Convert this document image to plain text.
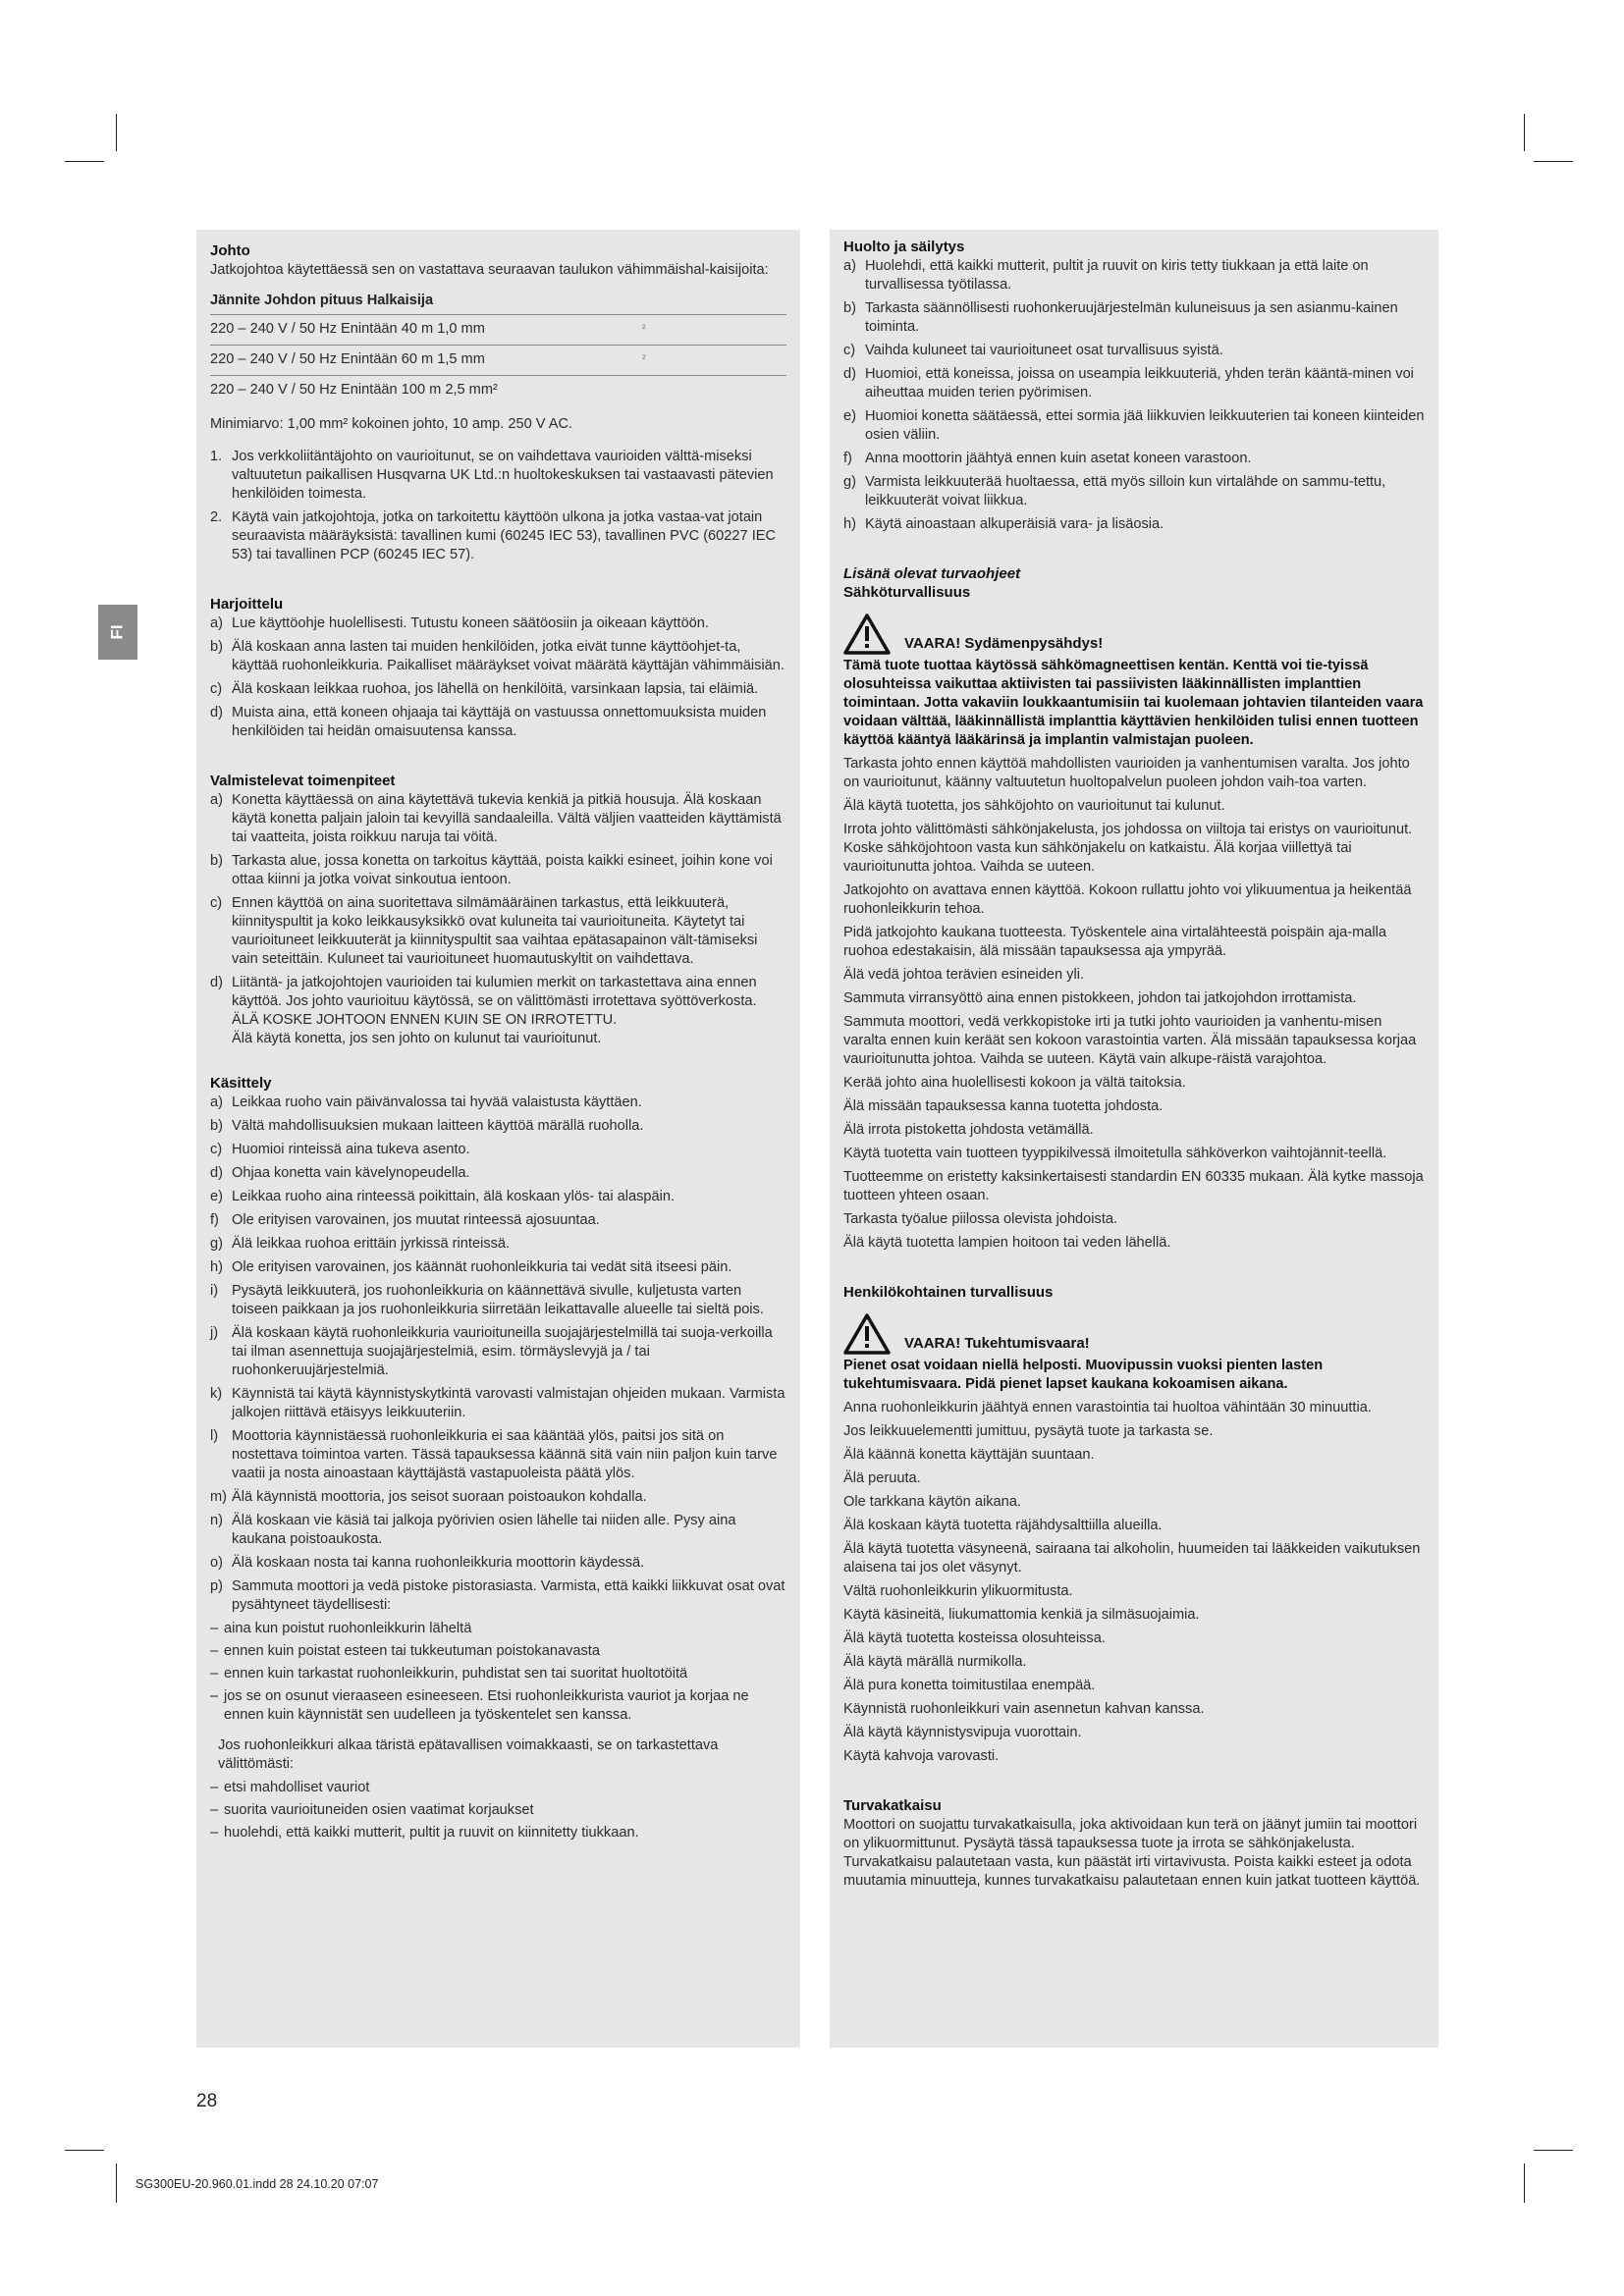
FI
Johto

Jatkojohtoa käytettäessä sen on vastattava seuraavan taulukon vähimmäishal-kaisijoita:

Jännite Johdon pituus Halkaisija
220 – 240 V / 50 Hz Enintään 40 m 1,0 mm	²
220 – 240 V / 50 Hz Enintään 60 m 1,5 mm	²
220 – 240 V / 50 Hz Enintään 100 m 2,5 mm²

Minimiarvo: 1,00 mm² kokoinen johto, 10 amp. 250 V AC.

1. Jos verkkoliitäntäjohto on vaurioitunut, se on vaihdettava vaurioiden välttä-miseksi valtuutetun paikallisen Husqvarna UK Ltd.:n huoltokeskuksen tai vastaavasti pätevien henkilöiden toimesta.
2. Käytä vain jatkojohtoja, jotka on tarkoitettu käyttöön ulkona ja jotka vastaa-vat jotain seuraavista määräyksistä: tavallinen kumi (60245 IEC 53), tavallinen PVC (60227 IEC 53) tai tavallinen PCP (60245 IEC 57).
Harjoittelu
a) Lue käyttöohje huolellisesti. Tutustu koneen säätöosiin ja oikeaan käyttöön.
b) Älä koskaan anna lasten tai muiden henkilöiden, jotka eivät tunne käyttöohjet-ta, käyttää ruohonleikkuria. Paikalliset määräykset voivat määrätä käyttäjän vähimmäisiän.
c) Älä koskaan leikkaa ruohoa, jos lähellä on henkilöitä, varsinkaan lapsia, tai eläimiä.
d) Muista aina, että koneen ohjaaja tai käyttäjä on vastuussa onnettomuuksista muiden henkilöiden tai heidän omaisuutensa kanssa.
Valmistelevat toimenpiteet
a) Konetta käyttäessä on aina käytettävä tukevia kenkiä ja pitkiä housuja. Älä koskaan käytä konetta paljain jaloin tai kevyillä sandaaleilla. Vältä väljien vaatteiden käyttämistä tai vaatteita, joista roikkuu naruja tai vöitä.
b) Tarkasta alue, jossa konetta on tarkoitus käyttää, poista kaikki esineet, joihin kone voi ottaa kiinni ja jotka voivat sinkoutua ientoon.
c) Ennen käyttöä on aina suoritettava silmämääräinen tarkastus, että leikkuuterä, kiinnityspultit ja koko leikkausyksikkö ovat kuluneita tai vaurioituneita. Käytetyt tai vaurioituneet leikkuuterät ja kiinnityspultit saa vaihtaa epätasapainon vält-tämiseksi vain seteittäin. Kuluneet tai vaurioituneet huomautuskyltit on vaihdettava.
d) Liitäntä- ja jatkojohtojen vaurioiden tai kulumien merkit on tarkastettava aina ennen käyttöä. Jos johto vaurioituu käytössä, se on välittömästi irrotettava syöttöverkosta.

ÄLÄ KOSKE JOHTOON ENNEN KUIN SE ON IRROTETTU.

Älä käytä konetta, jos sen johto on kulunut tai vaurioitunut.

Käsittely
a) Leikkaa ruoho vain päivänvalossa tai hyvää valaistusta käyttäen.
b) Vältä mahdollisuuksien mukaan laitteen käyttöä märällä ruoholla.
c) Huomioi rinteissä aina tukeva asento.
d) Ohjaa konetta vain kävelynopeudella.
e) Leikkaa ruoho aina rinteessä poikittain, älä koskaan ylös- tai alaspäin.
f) Ole erityisen varovainen, jos muutat rinteessä ajosuuntaa.
g) Älä leikkaa ruohoa erittäin jyrkissä rinteissä.
h) Ole erityisen varovainen, jos käännät ruohonleikkuria tai vedät sitä itseesi päin.
i) Pysäytä leikkuuterä, jos ruohonleikkuria on käännettävä sivulle, kuljetusta varten toiseen paikkaan ja jos ruohonleikkuria siirretään leikattavalle alueelle tai sieltä pois.
j) Älä koskaan käytä ruohonleikkuria vaurioituneilla suojajärjestelmillä tai suoja-verkoilla tai ilman asennettuja suojajärjestelmiä, esim. törmäyslevyjä ja / tai ruohonkeruujärjestelmiä.
k) Käynnistä tai käytä käynnistyskytkintä varovasti valmistajan ohjeiden mukaan. Varmista jalkojen riittävä etäisyys leikkuuteriin.
l) Moottoria käynnistäessä ruohonleikkuria ei saa kääntää ylös, paitsi jos sitä on nostettava toimintoa varten. Tässä tapauksessa käännä sitä vain niin paljon kuin tarve vaatii ja nosta ainoastaan käyttäjästä vastapuoleista päätä ylös.
m) Älä käynnistä moottoria, jos seisot suoraan poistoaukon kohdalla.
n) Älä koskaan vie käsiä tai jalkoja pyörivien osien lähelle tai niiden alle. Pysy aina kaukana poistoaukosta.
o) Älä koskaan nosta tai kanna ruohonleikkuria moottorin käydessä.
p) Sammuta moottori ja vedä pistoke pistorasiasta. Varmista, että kaikki liikkuvat osat ovat pysähtyneet täydellisesti:
– aina kun poistut ruohonleikkurin läheltä
– ennen kuin poistat esteen tai tukkeutuman poistokanavasta
– ennen kuin tarkastat ruohonleikkurin, puhdistat sen tai suoritat huoltotöitä
– jos se on osunut vieraaseen esineeseen. Etsi ruohonleikkurista vauriot ja korjaa ne ennen kuin käynnistät sen uudelleen ja työskentelet sen kanssa.

Jos ruohonleikkuri alkaa täristä epätavallisen voimakkaasti, se on tarkastettava välittömästi:

– etsi mahdolliset vauriot
– suorita vaurioituneiden osien vaatimat korjaukset
– huolehdi, että kaikki mutterit, pultit ja ruuvit on kiinnitetty tiukkaan.
Huolto ja säilytys
a) Huolehdi, että kaikki mutterit, pultit ja ruuvit on kiris tetty tiukkaan ja että laite on turvallisessa työtilassa.
b) Tarkasta säännöllisesti ruohonkeruujärjestelmän kuluneisuus ja sen asianmu-kainen toiminta.
c) Vaihda kuluneet tai vaurioituneet osat turvallisuus syistä.
d) Huomioi, että koneissa, joissa on useampia leikkuuteriä, yhden terän kääntä-minen voi aiheuttaa muiden terien pyörimisen.
e) Huomioi konetta säätäessä, ettei sormia jää liikkuvien leikkuuterien tai koneen kiinteiden osien väliin.
f) Anna moottorin jäähtyä ennen kuin asetat koneen varastoon.
g) Varmista leikkuuterää huoltaessa, että myös silloin kun virtalähde on sammu-tettu, leikkuuterät voivat liikkua.
h) Käytä ainoastaan alkuperäisiä vara- ja lisäosia.
Lisänä olevat turvaohjeet
Sähköturvallisuus
VAARA! Sydämenpysähdys!

Tämä tuote tuottaa käytössä sähkömagneettisen kentän. Kenttä voi tie-tyissä olosuhteissa vaikuttaa aktiivisten tai passiivisten lääkinnällisten implanttien toimintaan. Jotta vakaviin loukkaantumisiin tai kuolemaan johtavien tilanteiden vaara voidaan välttää, lääkinnällistä implanttia käyttävien henkilöiden tulisi ennen tuotteen käyttöä kääntyä lääkärinsä ja implantin valmistajan puoleen.

Tarkasta johto ennen käyttöä mahdollisten vaurioiden ja vanhentumisen varalta. Jos johto on vaurioitunut, käänny valtuutetun huoltopalvelun puoleen johdon vaih-toa varten.

Älä käytä tuotetta, jos sähköjohto on vaurioitunut tai kulunut.

Irrota johto välittömästi sähkönjakelusta, jos johdossa on viiltoja tai eristys on vaurioitunut. Koske sähköjohtoon vasta kun sähkönjakelu on katkaistu. Älä korjaa viillettyä tai vaurioitunutta johtoa. Vaihda se uuteen.

Jatkojohto on avattava ennen käyttöä. Kokoon rullattu johto voi ylikuumentua ja heikentää ruohonleikkurin tehoa.

Pidä jatkojohto kaukana tuotteesta. Työskentele aina virtalähteestä poispäin aja-malla ruohoa edestakaisin, älä missään tapauksessa aja ympyrää.

Älä vedä johtoa terävien esineiden yli.

Sammuta virransyöttö aina ennen pistokkeen, johdon tai jatkojohdon irrottamista.

Sammuta moottori, vedä verkkopistoke irti ja tutki johto vaurioiden ja vanhentu-misen varalta ennen kuin keräät sen kokoon varastointia varten. Älä missään tapauksessa korjaa vaurioitunutta johtoa. Vaihda se uuteen. Käytä vain alkupe-räistä varajohtoa.

Kerää johto aina huolellisesti kokoon ja vältä taitoksia.

Älä missään tapauksessa kanna tuotetta johdosta.

Älä irrota pistoketta johdosta vetämällä.

Käytä tuotetta vain tuotteen tyyppikilvessä ilmoitetulla sähköverkon vaihtojännit-teellä.

Tuotteemme on eristetty kaksinkertaisesti standardin EN 60335 mukaan. Älä kytke massoja tuotteen yhteen osaan.

Tarkasta työalue piilossa olevista johdoista.

Älä käytä tuotetta lampien hoitoon tai veden lähellä.

Henkilökohtainen turvallisuus
VAARA! Tukehtumisvaara!

Pienet osat voidaan niellä helposti. Muovipussin vuoksi pienten lasten tukehtumisvaara. Pidä pienet lapset kaukana kokoamisen aikana.

Anna ruohonleikkurin jäähtyä ennen varastointia tai huoltoa vähintään 30 minuuttia.

Jos leikkuuelementti jumittuu, pysäytä tuote ja tarkasta se.

Älä käännä konetta käyttäjän suuntaan.

Älä peruuta.

Ole tarkkana käytön aikana.

Älä koskaan käytä tuotetta räjähdysalttiilla alueilla.

Älä käytä tuotetta väsyneenä, sairaana tai alkoholin, huumeiden tai lääkkeiden vaikutuksen alaisena tai jos olet väsynyt.

Vältä ruohonleikkurin ylikuormitusta.

Käytä käsineitä, liukumattomia kenkiä ja silmäsuojaimia.

Älä käytä tuotetta kosteissa olosuhteissa.

Älä käytä märällä nurmikolla.

Älä pura konetta toimitustilaa enempää.

Käynnistä ruohonleikkuri vain asennetun kahvan kanssa.

Älä käytä käynnistysvipuja vuorottain.

Käytä kahvoja varovasti.

Turvakatkaisu

Moottori on suojattu turvakatkaisulla, joka aktivoidaan kun terä on jäänyt jumiin tai moottori on ylikuormittunut. Pysäytä tässä tapauksessa tuote ja irrota se sähkönjakelusta. Turvakatkaisu palautetaan vasta, kun päästät irti virtavivusta. Poista kaikki esteet ja odota muutamia minuutteja, kunnes turvakatkaisu palautetaan ennen kuin jatkat tuotteen käyttöä.

28
SG300EU-20.960.01.indd 28 24.10.20 07:07
